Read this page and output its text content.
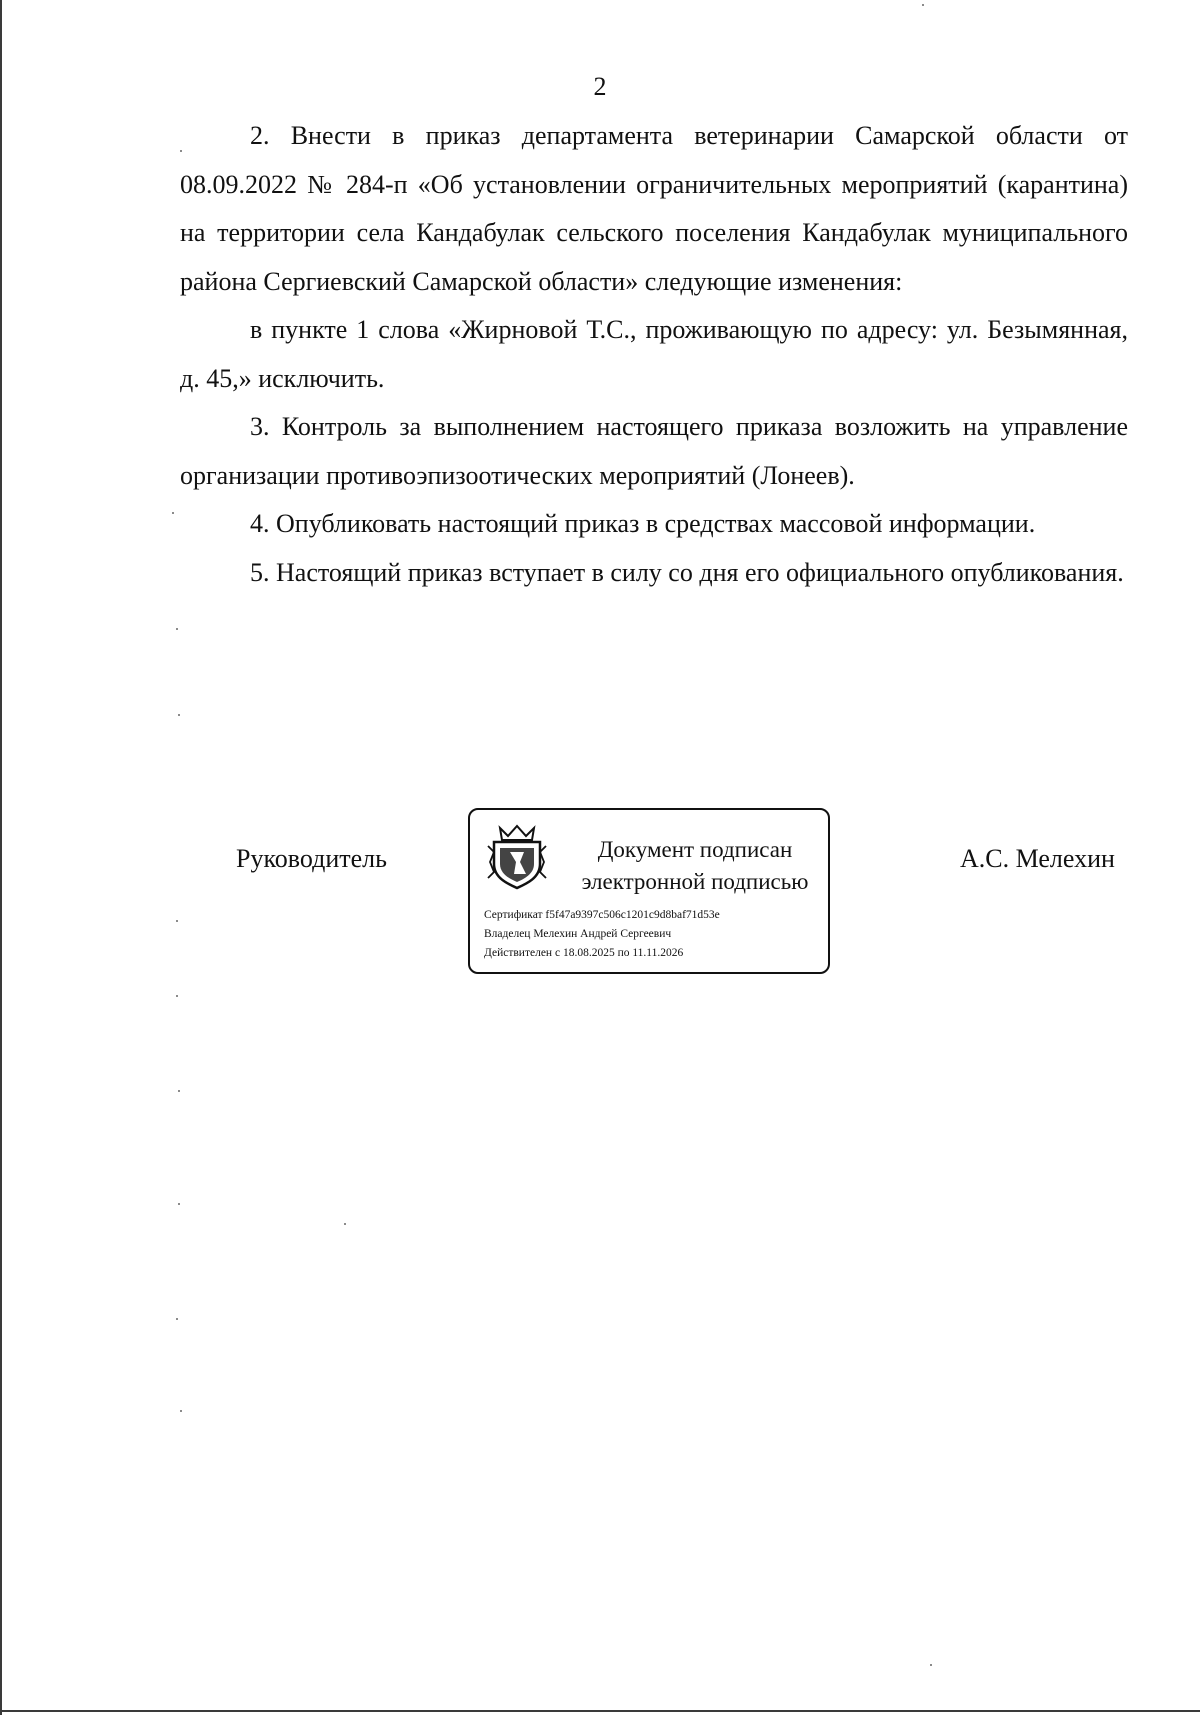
2

2. Внести в приказ департамента ветеринарии Самарской области от 08.09.2022 № 284-п «Об установлении ограничительных мероприятий (карантина) на территории села Кандабулак сельского поселения Кандабулак муниципального района Сергиевский Самарской области» следующие изменения:

в пункте 1 слова «Жирновой Т.С., проживающую по адресу: ул. Безымянная, д. 45,» исключить.

3. Контроль за выполнением настоящего приказа возложить на управление организации противоэпизоотических мероприятий (Лонеев).

4. Опубликовать настоящий приказ в средствах массовой информации.

5. Настоящий приказ вступает в силу со дня его официального опубликования.

Руководитель	Документ подписан
электронной подписью
Сертификат f5f47a9397c506c1201c9d8baf71d53e
Владелец Мелехин Андрей Сергеевич
Действителен с 18.08.2025 по 11.11.2026
А.С. Мелехин
